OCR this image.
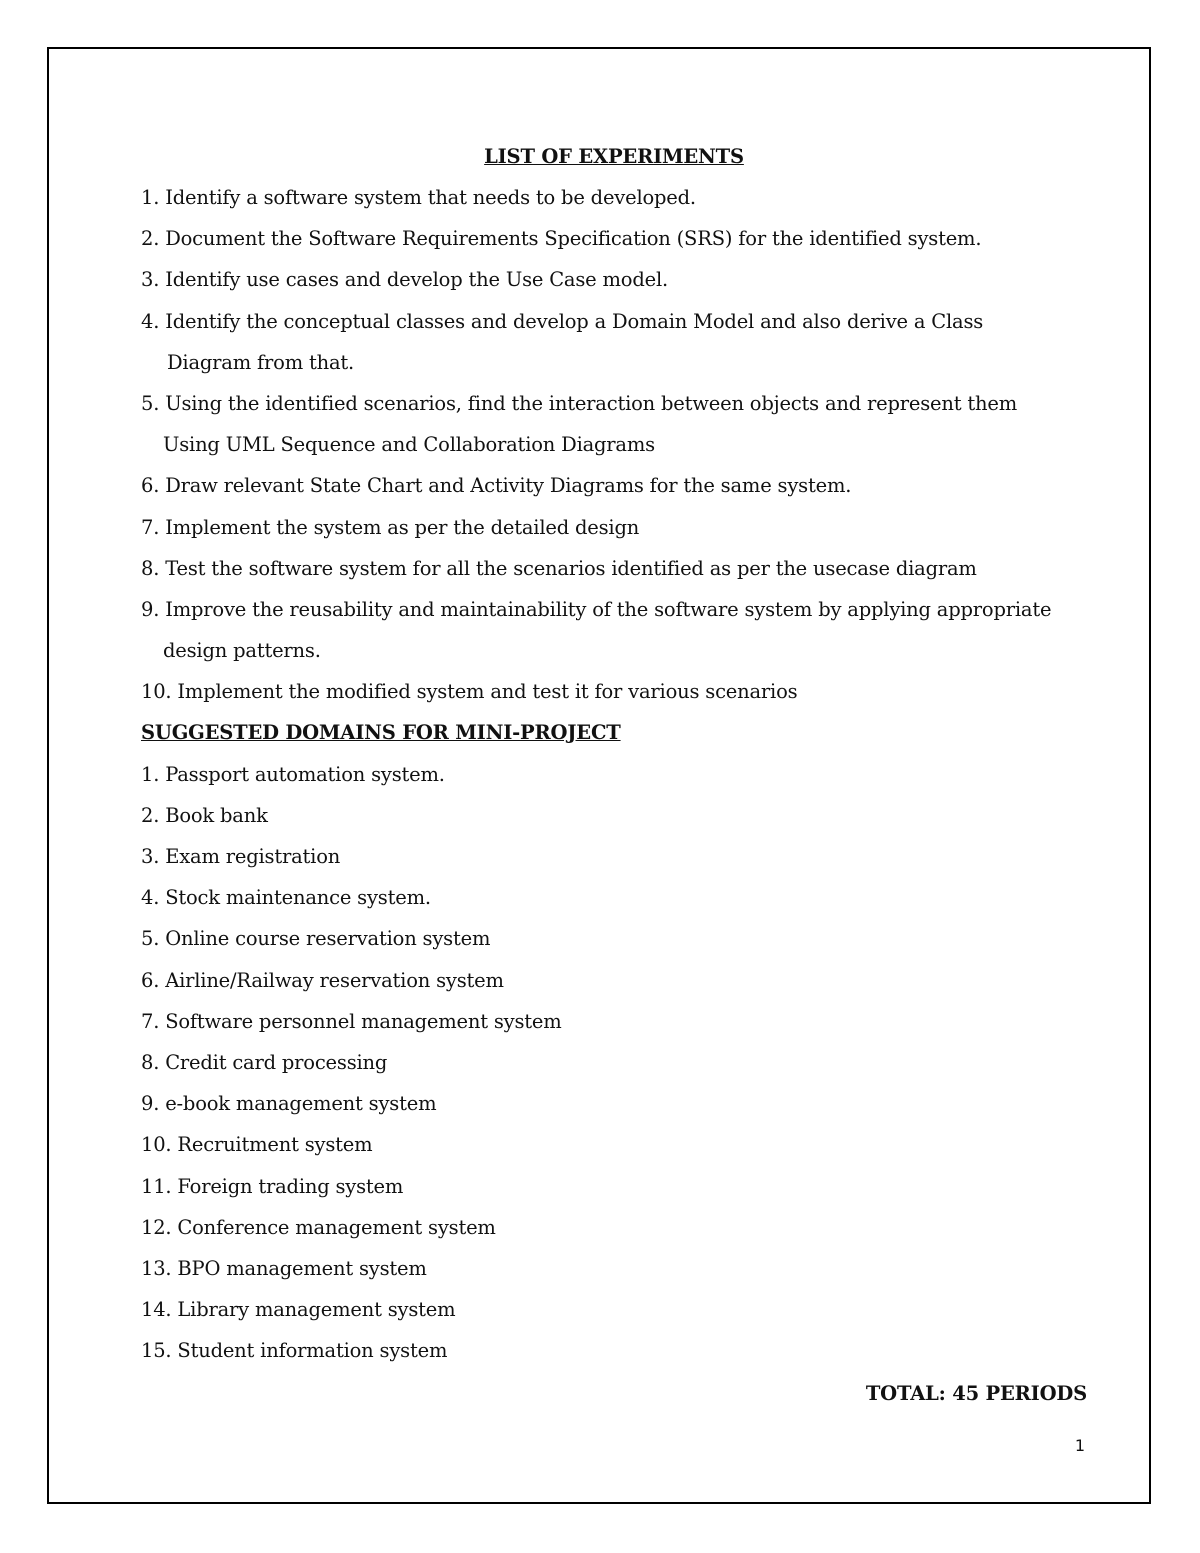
LIST OF EXPERIMENTS
1. Identify a software system that needs to be developed.
2. Document the Software Requirements Specification (SRS) for the identified system.
3. Identify use cases and develop the Use Case model.
4. Identify the conceptual classes and develop a Domain Model and also derive a Class
Diagram from that.
5. Using the identified scenarios, find the interaction between objects and represent them
Using UML Sequence and Collaboration Diagrams
6. Draw relevant State Chart and Activity Diagrams for the same system.
7. Implement the system as per the detailed design
8. Test the software system for all the scenarios identified as per the usecase diagram
9. Improve the reusability and maintainability of the software system by applying appropriate
design patterns.
10. Implement the modified system and test it for various scenarios
SUGGESTED DOMAINS FOR MINI-PROJECT
1. Passport automation system.
2. Book bank
3. Exam registration
4. Stock maintenance system.
5. Online course reservation system
6. Airline/Railway reservation system
7. Software personnel management system
8. Credit card processing
9. e-book management system
10. Recruitment system
11. Foreign trading system
12. Conference management system
13. BPO management system
14. Library management system
15. Student information system
TOTAL: 45 PERIODS
1
